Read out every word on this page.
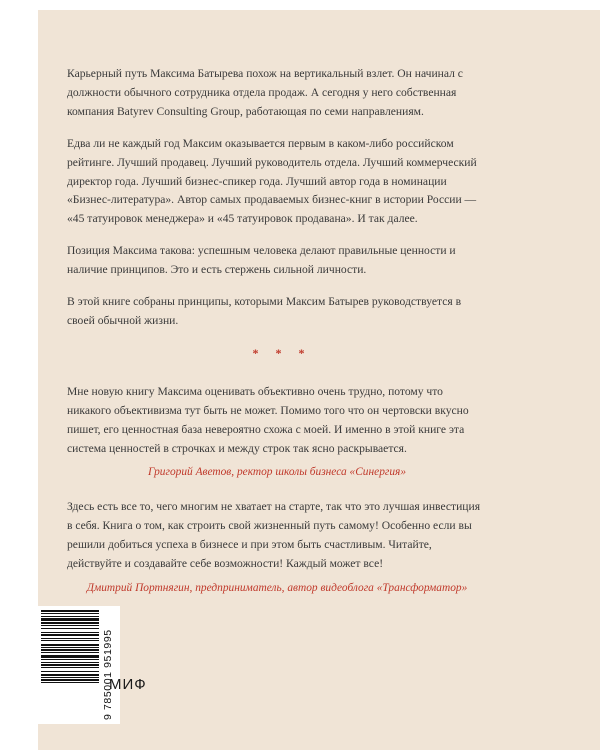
Карьерный путь Максима Батырева похож на вертикальный взлет. Он начинал с должности обычного сотрудника отдела продаж. А сегодня у него собственная компания Batyrev Consulting Group, работающая по семи направлениям.

Едва ли не каждый год Максим оказывается первым в каком-либо российском рейтинге. Лучший продавец. Лучший руководитель отдела. Лучший коммерческий директор года. Лучший бизнес-спикер года. Лучший автор года в номинации «Бизнес-литература». Автор самых продаваемых бизнес-книг в истории России — «45 татуировок менеджера» и «45 татуировок продавана». И так далее.

Позиция Максима такова: успешным человека делают правильные ценности и наличие принципов. Это и есть стержень сильной личности.

В этой книге собраны принципы, которыми Максим Батырев руководствуется в своей обычной жизни.

* * *

Мне новую книгу Максима оценивать объективно очень трудно, потому что никакого объективизма тут быть не может. Помимо того что он чертовски вкусно пишет, его ценностная база невероятно схожа с моей. И именно в этой книге эта система ценностей в строчках и между строк так ясно раскрывается.

Григорий Аветов, ректор школы бизнеса «Синергия»

Здесь есть все то, чего многим не хватает на старте, так что это лучшая инвестиция в себя. Книга о том, как строить свой жизненный путь самому! Особенно если вы решили добиться успеха в бизнесе и при этом быть счастливым. Читайте, действуйте и создавайте себе возможности! Каждый может все!

Дмитрий Портнягин, предприниматель, автор видеоблога «Трансформатор»

9 785001 951995
МИФ
